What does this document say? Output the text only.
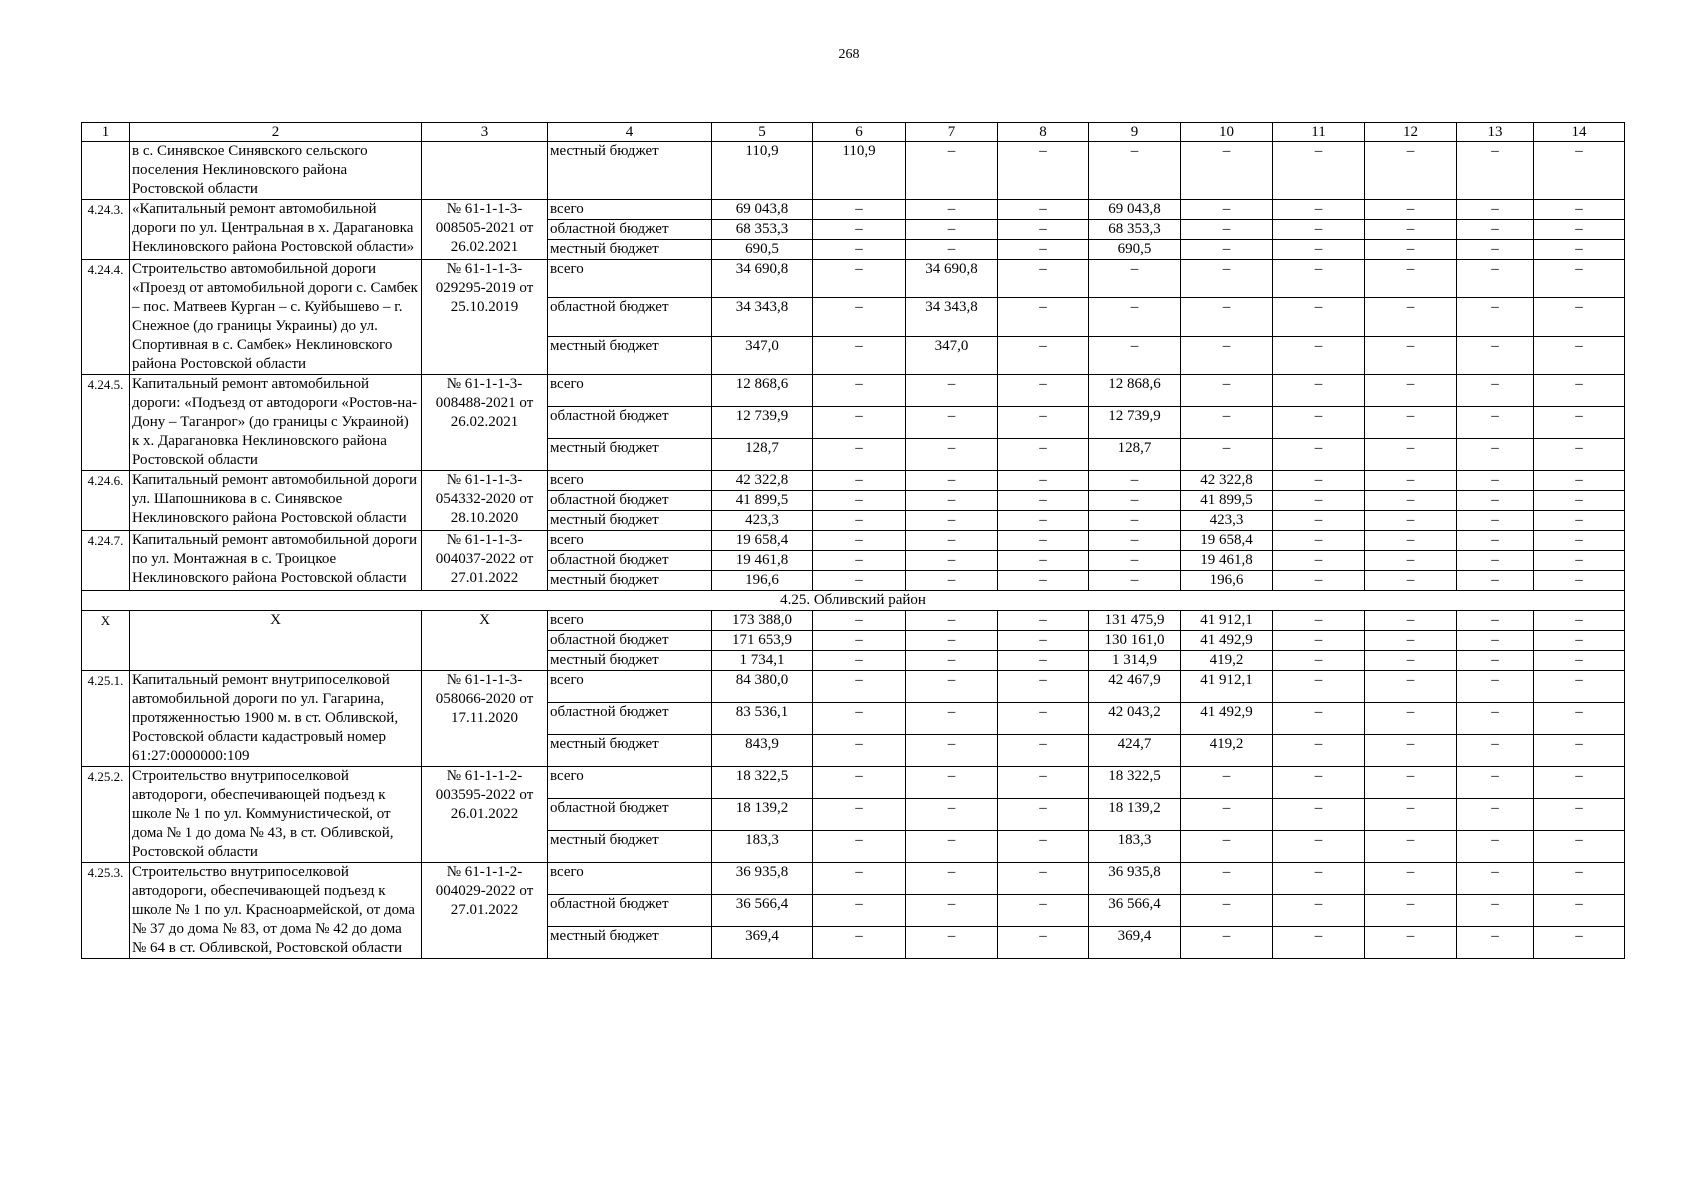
268
1	2	3	4	5	6	7	8	9	10	11	12	13	14
	в с. Синявское Синявского сельского поселения Неклиновского района Ростовской области		местный бюджет	110,9	110,9	–	–	–	–	–	–	–	–
4.24.3.	«Капитальный ремонт автомобильной дороги по ул. Центральная в х. Дарагановка Неклиновского района Ростовской области»	№ 61-1-1-3-008505-2021 от 26.02.2021	всего	69 043,8	–	–	–	69 043,8	–	–	–	–	–
			областной бюджет	68 353,3	–	–	–	68 353,3	–	–	–	–	–
			местный бюджет	690,5	–	–	–	690,5	–	–	–	–	–
4.24.4.	Строительство автомобильной дороги «Проезд от автомобильной дороги с. Самбек – пос. Матвеев Курган – с. Куйбышево – г. Снежное (до границы Украины) до ул. Спортивная в с. Самбек» Неклиновского района Ростовской области	№ 61-1-1-3-029295-2019 от 25.10.2019	всего	34 690,8	–	34 690,8	–	–	–	–	–	–	–
			областной бюджет	34 343,8	–	34 343,8	–	–	–	–	–	–	–
			местный бюджет	347,0	–	347,0	–	–	–	–	–	–	–
4.24.5.	Капитальный ремонт автомобильной дороги: «Подъезд от автодороги «Ростов-на-Дону – Таганрог» (до границы с Украиной) к х. Дарагановка Неклиновского района Ростовской области	№ 61-1-1-3-008488-2021 от 26.02.2021	всего	12 868,6	–	–	–	12 868,6	–	–	–	–	–
			областной бюджет	12 739,9	–	–	–	12 739,9	–	–	–	–	–
			местный бюджет	128,7	–	–	–	128,7	–	–	–	–	–
4.24.6.	Капитальный ремонт автомобильной дороги ул. Шапошникова в с. Синявское Неклиновского района Ростовской области	№ 61-1-1-3-054332-2020 от 28.10.2020	всего	42 322,8	–	–	–	–	42 322,8	–	–	–	–
			областной бюджет	41 899,5	–	–	–	–	41 899,5	–	–	–	–
			местный бюджет	423,3	–	–	–	–	423,3	–	–	–	–
4.24.7.	Капитальный ремонт автомобильной дороги по ул. Монтажная в с. Троицкое Неклиновского района Ростовской области	№ 61-1-1-3-004037-2022 от 27.01.2022	всего	19 658,4	–	–	–	–	19 658,4	–	–	–	–
			областной бюджет	19 461,8	–	–	–	–	19 461,8	–	–	–	–
			местный бюджет	196,6	–	–	–	–	196,6	–	–	–	–
4.25. Обливский район													
Х	Х	Х	всего	173 388,0	–	–	–	131 475,9	41 912,1	–	–	–	–
			областной бюджет	171 653,9	–	–	–	130 161,0	41 492,9	–	–	–	–
			местный бюджет	1 734,1	–	–	–	1 314,9	419,2	–	–	–	–
4.25.1.	Капитальный ремонт внутрипоселковой автомобильной дороги по ул. Гагарина, протяженностью 1900 м. в ст. Обливской, Ростовской области кадастровый номер 61:27:0000000:109	№ 61-1-1-3-058066-2020 от 17.11.2020	всего	84 380,0	–	–	–	42 467,9	41 912,1	–	–	–	–
			областной бюджет	83 536,1	–	–	–	42 043,2	41 492,9	–	–	–	–
			местный бюджет	843,9	–	–	–	424,7	419,2	–	–	–	–
4.25.2.	Строительство внутрипоселковой автодороги, обеспечивающей подъезд к школе № 1 по ул. Коммунистической, от дома № 1 до дома № 43, в ст. Обливской, Ростовской области	№ 61-1-1-2-003595-2022 от 26.01.2022	всего	18 322,5	–	–	–	18 322,5	–	–	–	–	–
			областной бюджет	18 139,2	–	–	–	18 139,2	–	–	–	–	–
			местный бюджет	183,3	–	–	–	183,3	–	–	–	–	–
4.25.3.	Строительство внутрипоселковой автодороги, обеспечивающей подъезд к школе № 1 по ул. Красноармейской, от дома № 37 до дома № 83, от дома № 42 до дома № 64 в ст. Обливской, Ростовской области	№ 61-1-1-2-004029-2022 от 27.01.2022	всего	36 935,8	–	–	–	36 935,8	–	–	–	–	–
			областной бюджет	36 566,4	–	–	–	36 566,4	–	–	–	–	–
			местный бюджет	369,4	–	–	–	369,4	–	–	–	–	–
